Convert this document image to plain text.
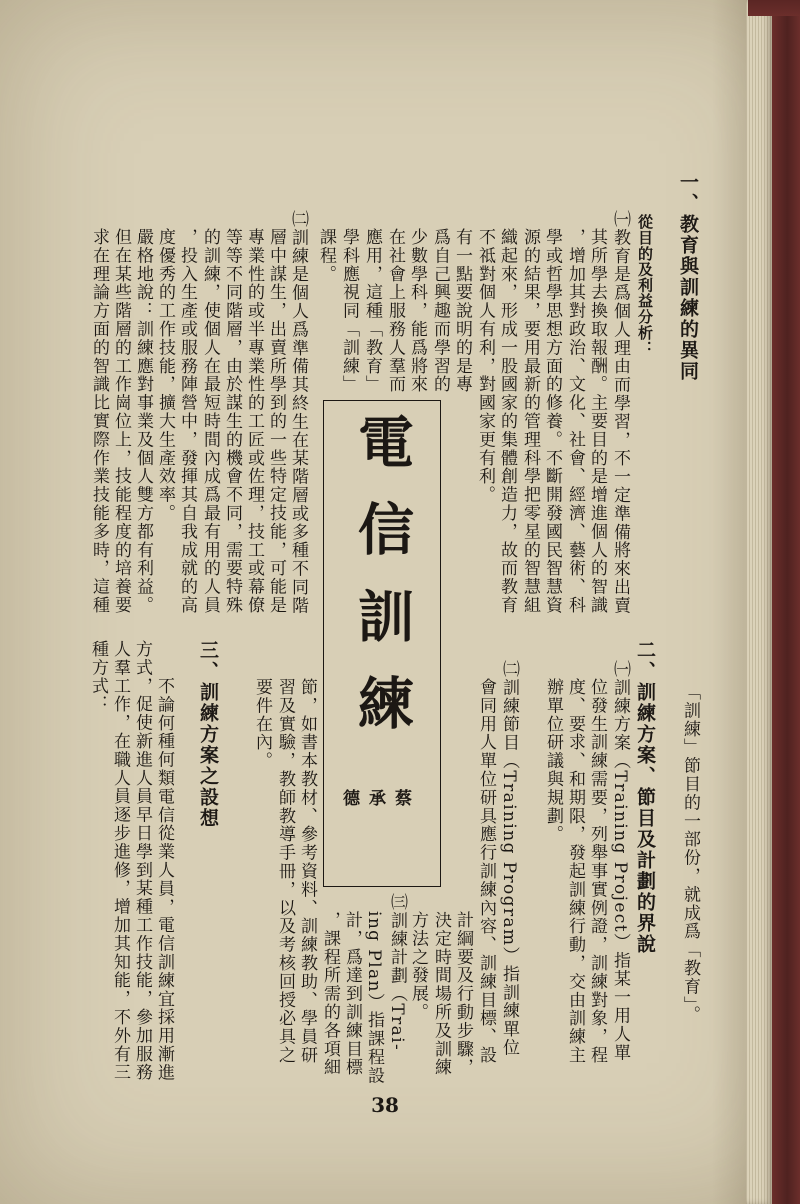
一、教育與訓練的異同
從目的及利益分析：
㈠教育是爲個人理由而學習，不一定準備將來出賣
其所學去換取報酬。主要目的是增進個人的智識
，增加其對政治、文化、社會、經濟、藝術、科
學或哲學思想方面的修養。不斷開發國民智慧資
源的結果，要用最新的管理科學把零星的智慧組
織起來，形成一股國家的集體創造力，故而教育
不祗對個人有利，對國家更有利。
有一點要說明的是專
爲自己興趣而學習的
少數學科，能爲將來
在社會上服務人羣而
應用，這種「教育」
學科應視同「訓練」
課程。
㈡訓練是個人爲準備其終生在某階層或多種不同階
層中謀生，出賣所學到的一些特定技能，可能是
專業性的或半專業性的工匠或佐理，技工或幕僚
等等不同階層，由於謀生的機會不同，需要特殊
的訓練，使個人在最短時間內成爲最有用的人員
，投入生產或服務陣營中，發揮其自我成就的高
度優秀的工作技能，擴大生產效率。
嚴格地說：訓練應對事業及個人雙方都有利益。
但在某些階層的工作崗位上，技能程度的培養要
求在理論方面的智識比實際作業技能多時，這種	電信訓練
蔡承德	「訓練」節目的一部份，就成爲「教育」。
二、訓練方案、節目及計劃的界說
㈠訓練方案（Training Project）指某一用人單
位發生訓練需要，列舉事實例證，訓練對象，程
度、要求、和期限，發起訓練行動，交由訓練主
辦單位研議與規劃。
㈡訓練節目（Training Program）指訓練單位
會同用人單位研具應行訓練內容、訓練目標、設
計綱要及行動步驟，
決定時間場所及訓練
方法之發展。
㈢訓練計劃（Trai-
ing Plan）指課程設
計，爲達到訓練目標
，課程所需的各項細
節，如書本教材、參考資料、訓練教助、學員研
習及實驗，教師教導手冊，以及考核回授必具之
要件在內。
三、訓練方案之設想
不論何種何類電信從業人員，電信訓練宜採用漸進
方式，促使新進人員早日學到某種工作技能，參加服務
人羣工作，在職人員逐步進修，增加其知能，不外有三
種方式：
38
